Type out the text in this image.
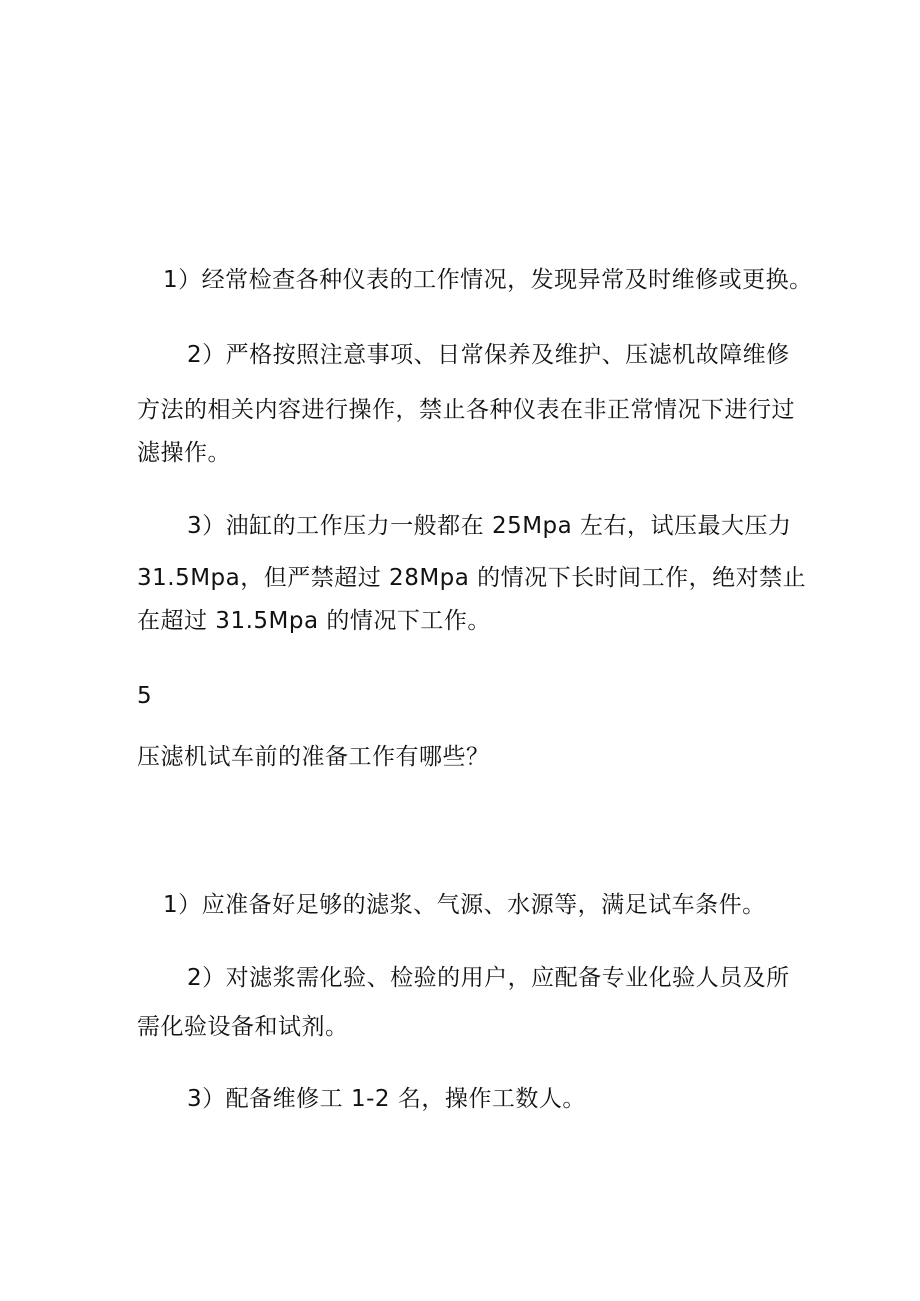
1）经常检查各种仪表的工作情况，发现异常及时维修或更换。
2）严格按照注意事项、日常保养及维护、压滤机故障维修
方法的相关内容进行操作，禁止各种仪表在非正常情况下进行过
滤操作。
3）油缸的工作压力一般都在 25Mpa 左右，试压最大压力
31.5Mpa，但严禁超过 28Mpa 的情况下长时间工作，绝对禁止
在超过 31.5Mpa 的情况下工作。
5
压滤机试车前的准备工作有哪些？
1）应准备好足够的滤浆、气源、水源等，满足试车条件。
2）对滤浆需化验、检验的用户，应配备专业化验人员及所
需化验设备和试剂。
3）配备维修工 1-2 名，操作工数人。
